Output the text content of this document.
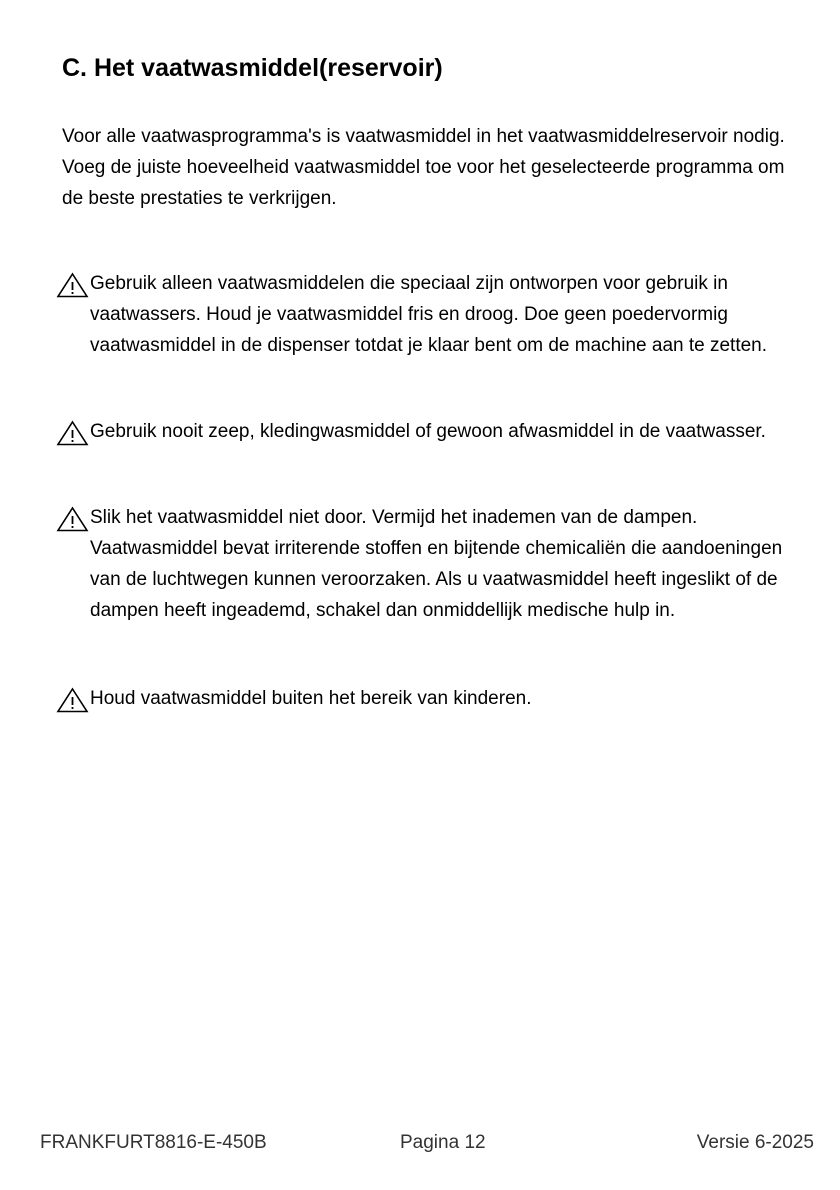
C. Het vaatwasmiddel(reservoir)

Voor alle vaatwasprogramma's is vaatwasmiddel in het vaatwasmiddelreservoir nodig. Voeg de juiste hoeveelheid vaatwasmiddel toe voor het geselecteerde programma om de beste prestaties te verkrijgen.

Gebruik alleen vaatwasmiddelen die speciaal zijn ontworpen voor gebruik in vaatwassers. Houd je vaatwasmiddel fris en droog. Doe geen poedervormig vaatwasmiddel in de dispenser totdat je klaar bent om de machine aan te zetten.

Gebruik nooit zeep, kledingwasmiddel of gewoon afwasmiddel in de vaatwasser.

Slik het vaatwasmiddel niet door. Vermijd het inademen van de dampen. Vaatwasmiddel bevat irriterende stoffen en bijtende chemicaliën die aandoeningen van de luchtwegen kunnen veroorzaken. Als u vaatwasmiddel heeft ingeslikt of de dampen heeft ingeademd, schakel dan onmiddellijk medische hulp in.

Houd vaatwasmiddel buiten het bereik van kinderen.

FRANKFURT8816-E-450B	Pagina 12	Versie 6-2025
